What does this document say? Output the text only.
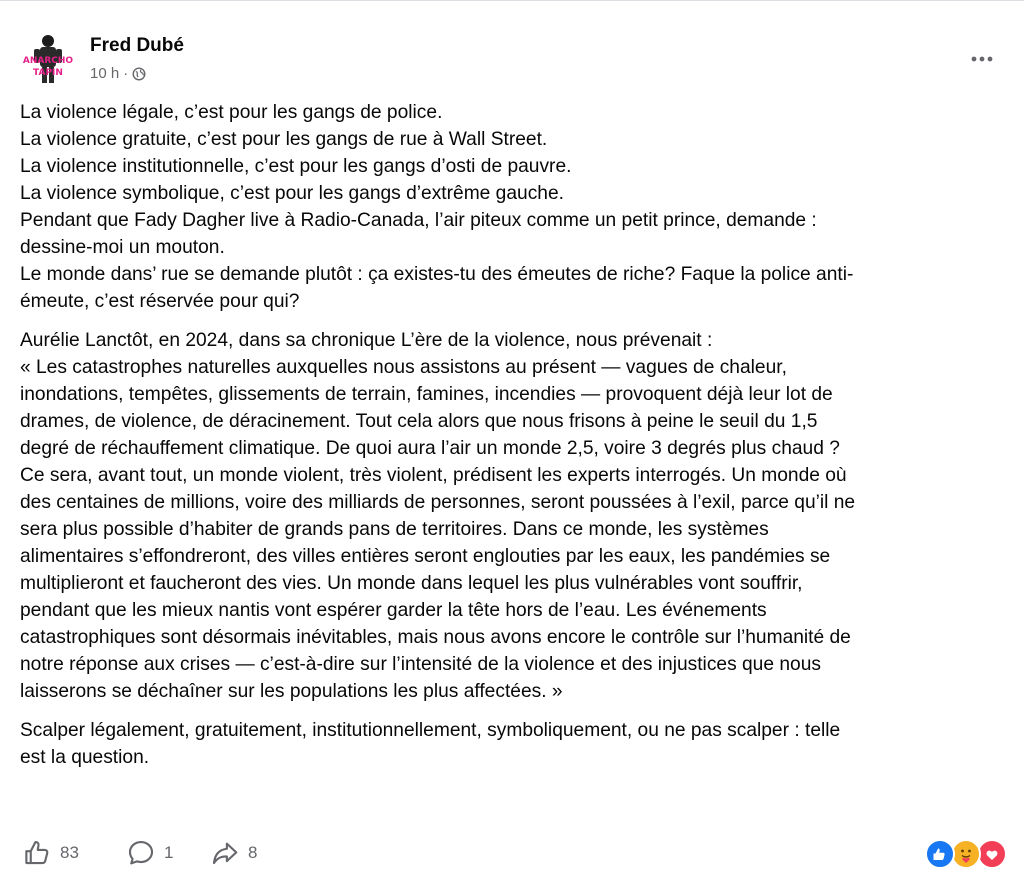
ANARCHO
TAPIN
Fred Dubé
10 h ·

La violence légale, c’est pour les gangs de police.
La violence gratuite, c’est pour les gangs de rue à Wall Street.
La violence institutionnelle, c’est pour les gangs d’osti de pauvre.
La violence symbolique, c’est pour les gangs d’extrême gauche.
Pendant que Fady Dagher live à Radio-Canada, l’air piteux comme un petit prince, demande :
dessine-moi un mouton.
Le monde dans’ rue se demande plutôt : ça existes-tu des émeutes de riche? Faque la police anti-
émeute, c’est réservée pour qui?

Aurélie Lanctôt, en 2024, dans sa chronique L’ère de la violence, nous prévenait :
« Les catastrophes naturelles auxquelles nous assistons au présent — vagues de chaleur,
inondations, tempêtes, glissements de terrain, famines, incendies — provoquent déjà leur lot de
drames, de violence, de déracinement. Tout cela alors que nous frisons à peine le seuil du 1,5
degré de réchauffement climatique. De quoi aura l’air un monde 2,5, voire 3 degrés plus chaud ?
Ce sera, avant tout, un monde violent, très violent, prédisent les experts interrogés. Un monde où
des centaines de millions, voire des milliards de personnes, seront poussées à l’exil, parce qu’il ne
sera plus possible d’habiter de grands pans de territoires. Dans ce monde, les systèmes
alimentaires s’effondreront, des villes entières seront englouties par les eaux, les pandémies se
multiplieront et faucheront des vies. Un monde dans lequel les plus vulnérables vont souffrir,
pendant que les mieux nantis vont espérer garder la tête hors de l’eau. Les événements
catastrophiques sont désormais inévitables, mais nous avons encore le contrôle sur l’humanité de
notre réponse aux crises — c’est-à-dire sur l’intensité de la violence et des injustices que nous
laisserons se déchaîner sur les populations les plus affectées. »

Scalper légalement, gratuitement, institutionnellement, symboliquement, ou ne pas scalper : telle
est la question.

83	1	8
